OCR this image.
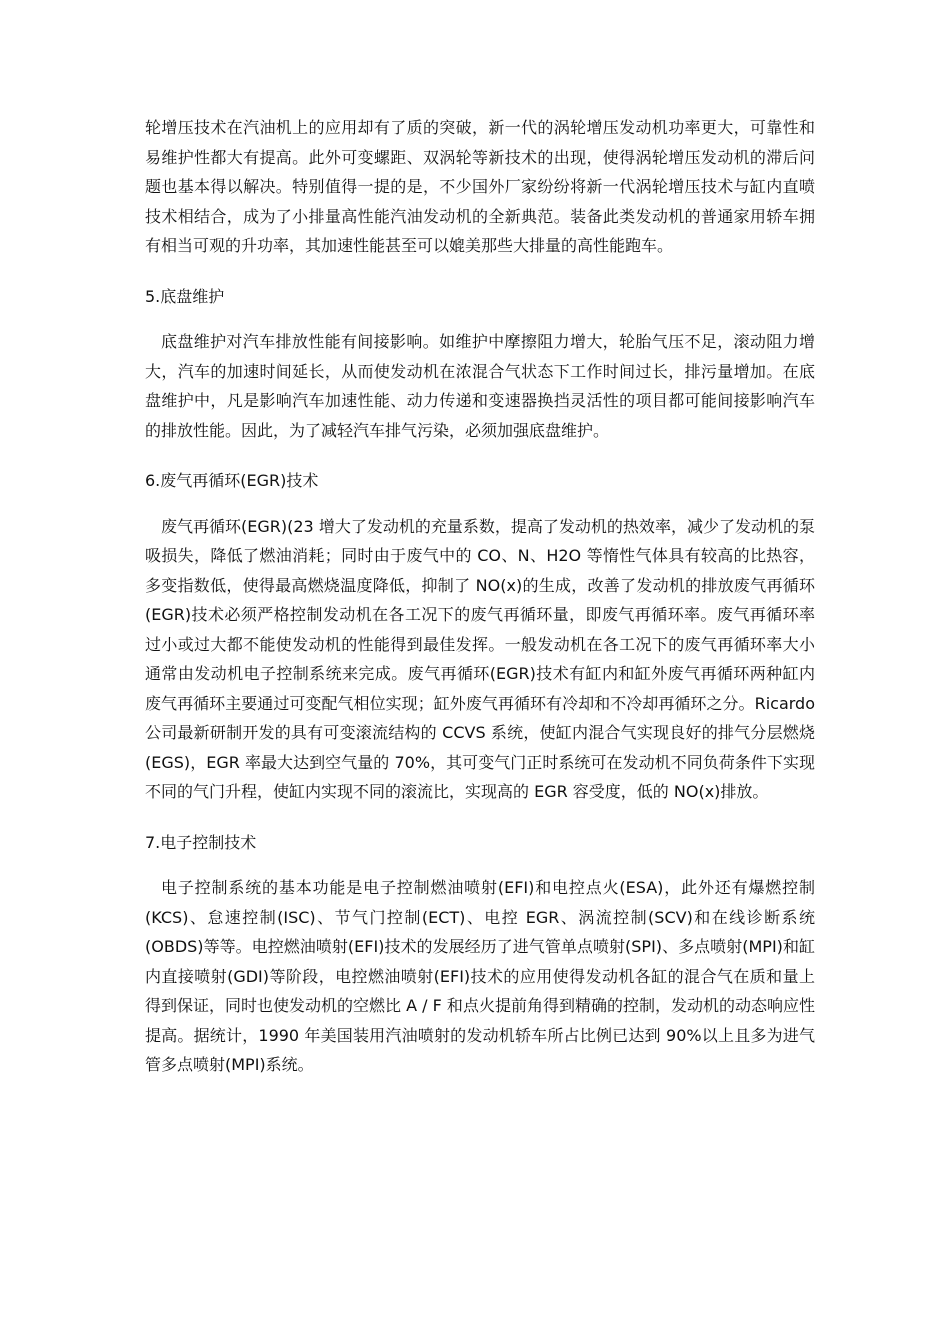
轮增压技术在汽油机上的应用却有了质的突破，新一代的涡轮增压发动机功率更大，可靠性和易维护性都大有提高。此外可变螺距、双涡轮等新技术的出现，使得涡轮增压发动机的滞后问题也基本得以解决。特别值得一提的是，不少国外厂家纷纷将新一代涡轮增压技术与缸内直喷技术相结合，成为了小排量高性能汽油发动机的全新典范。装备此类发动机的普通家用轿车拥有相当可观的升功率，其加速性能甚至可以媲美那些大排量的高性能跑车。

5.底盘维护

底盘维护对汽车排放性能有间接影响。如维护中摩擦阻力增大，轮胎气压不足，滚动阻力增大，汽车的加速时间延长，从而使发动机在浓混合气状态下工作时间过长，排污量增加。在底盘维护中，凡是影响汽车加速性能、动力传递和变速器换挡灵活性的项目都可能间接影响汽车的排放性能。因此，为了减轻汽车排气污染，必须加强底盘维护。

6.废气再循环(EGR)技术

废气再循环(EGR)(23 增大了发动机的充量系数，提高了发动机的热效率，减少了发动机的泵吸损失，降低了燃油消耗；同时由于废气中的 CO、N、H2O 等惰性气体具有较高的比热容，多变指数低，使得最高燃烧温度降低，抑制了 NO(x)的生成，改善了发动机的排放废气再循环(EGR)技术必须严格控制发动机在各工况下的废气再循环量，即废气再循环率。废气再循环率过小或过大都不能使发动机的性能得到最佳发挥。一般发动机在各工况下的废气再循环率大小通常由发动机电子控制系统来完成。废气再循环(EGR)技术有缸内和缸外废气再循环两种缸内废气再循环主要通过可变配气相位实现；缸外废气再循环有冷却和不冷却再循环之分。Ricardo 公司最新研制开发的具有可变滚流结构的 CCVS 系统，使缸内混合气实现良好的排气分层燃烧(EGS)，EGR 率最大达到空气量的 70%，其可变气门正时系统可在发动机不同负荷条件下实现不同的气门升程，使缸内实现不同的滚流比，实现高的 EGR 容受度，低的 NO(x)排放。

7.电子控制技术

电子控制系统的基本功能是电子控制燃油喷射(EFI)和电控点火(ESA)，此外还有爆燃控制(KCS)、怠速控制(ISC)、节气门控制(ECT)、电控 EGR、涡流控制(SCV)和在线诊断系统(OBDS)等等。电控燃油喷射(EFI)技术的发展经历了进气管单点喷射(SPI)、多点喷射(MPI)和缸内直接喷射(GDI)等阶段，电控燃油喷射(EFI)技术的应用使得发动机各缸的混合气在质和量上得到保证，同时也使发动机的空燃比 A / F 和点火提前角得到精确的控制，发动机的动态响应性提高。据统计，1990 年美国装用汽油喷射的发动机轿车所占比例已达到 90%以上且多为进气管多点喷射(MPI)系统。
